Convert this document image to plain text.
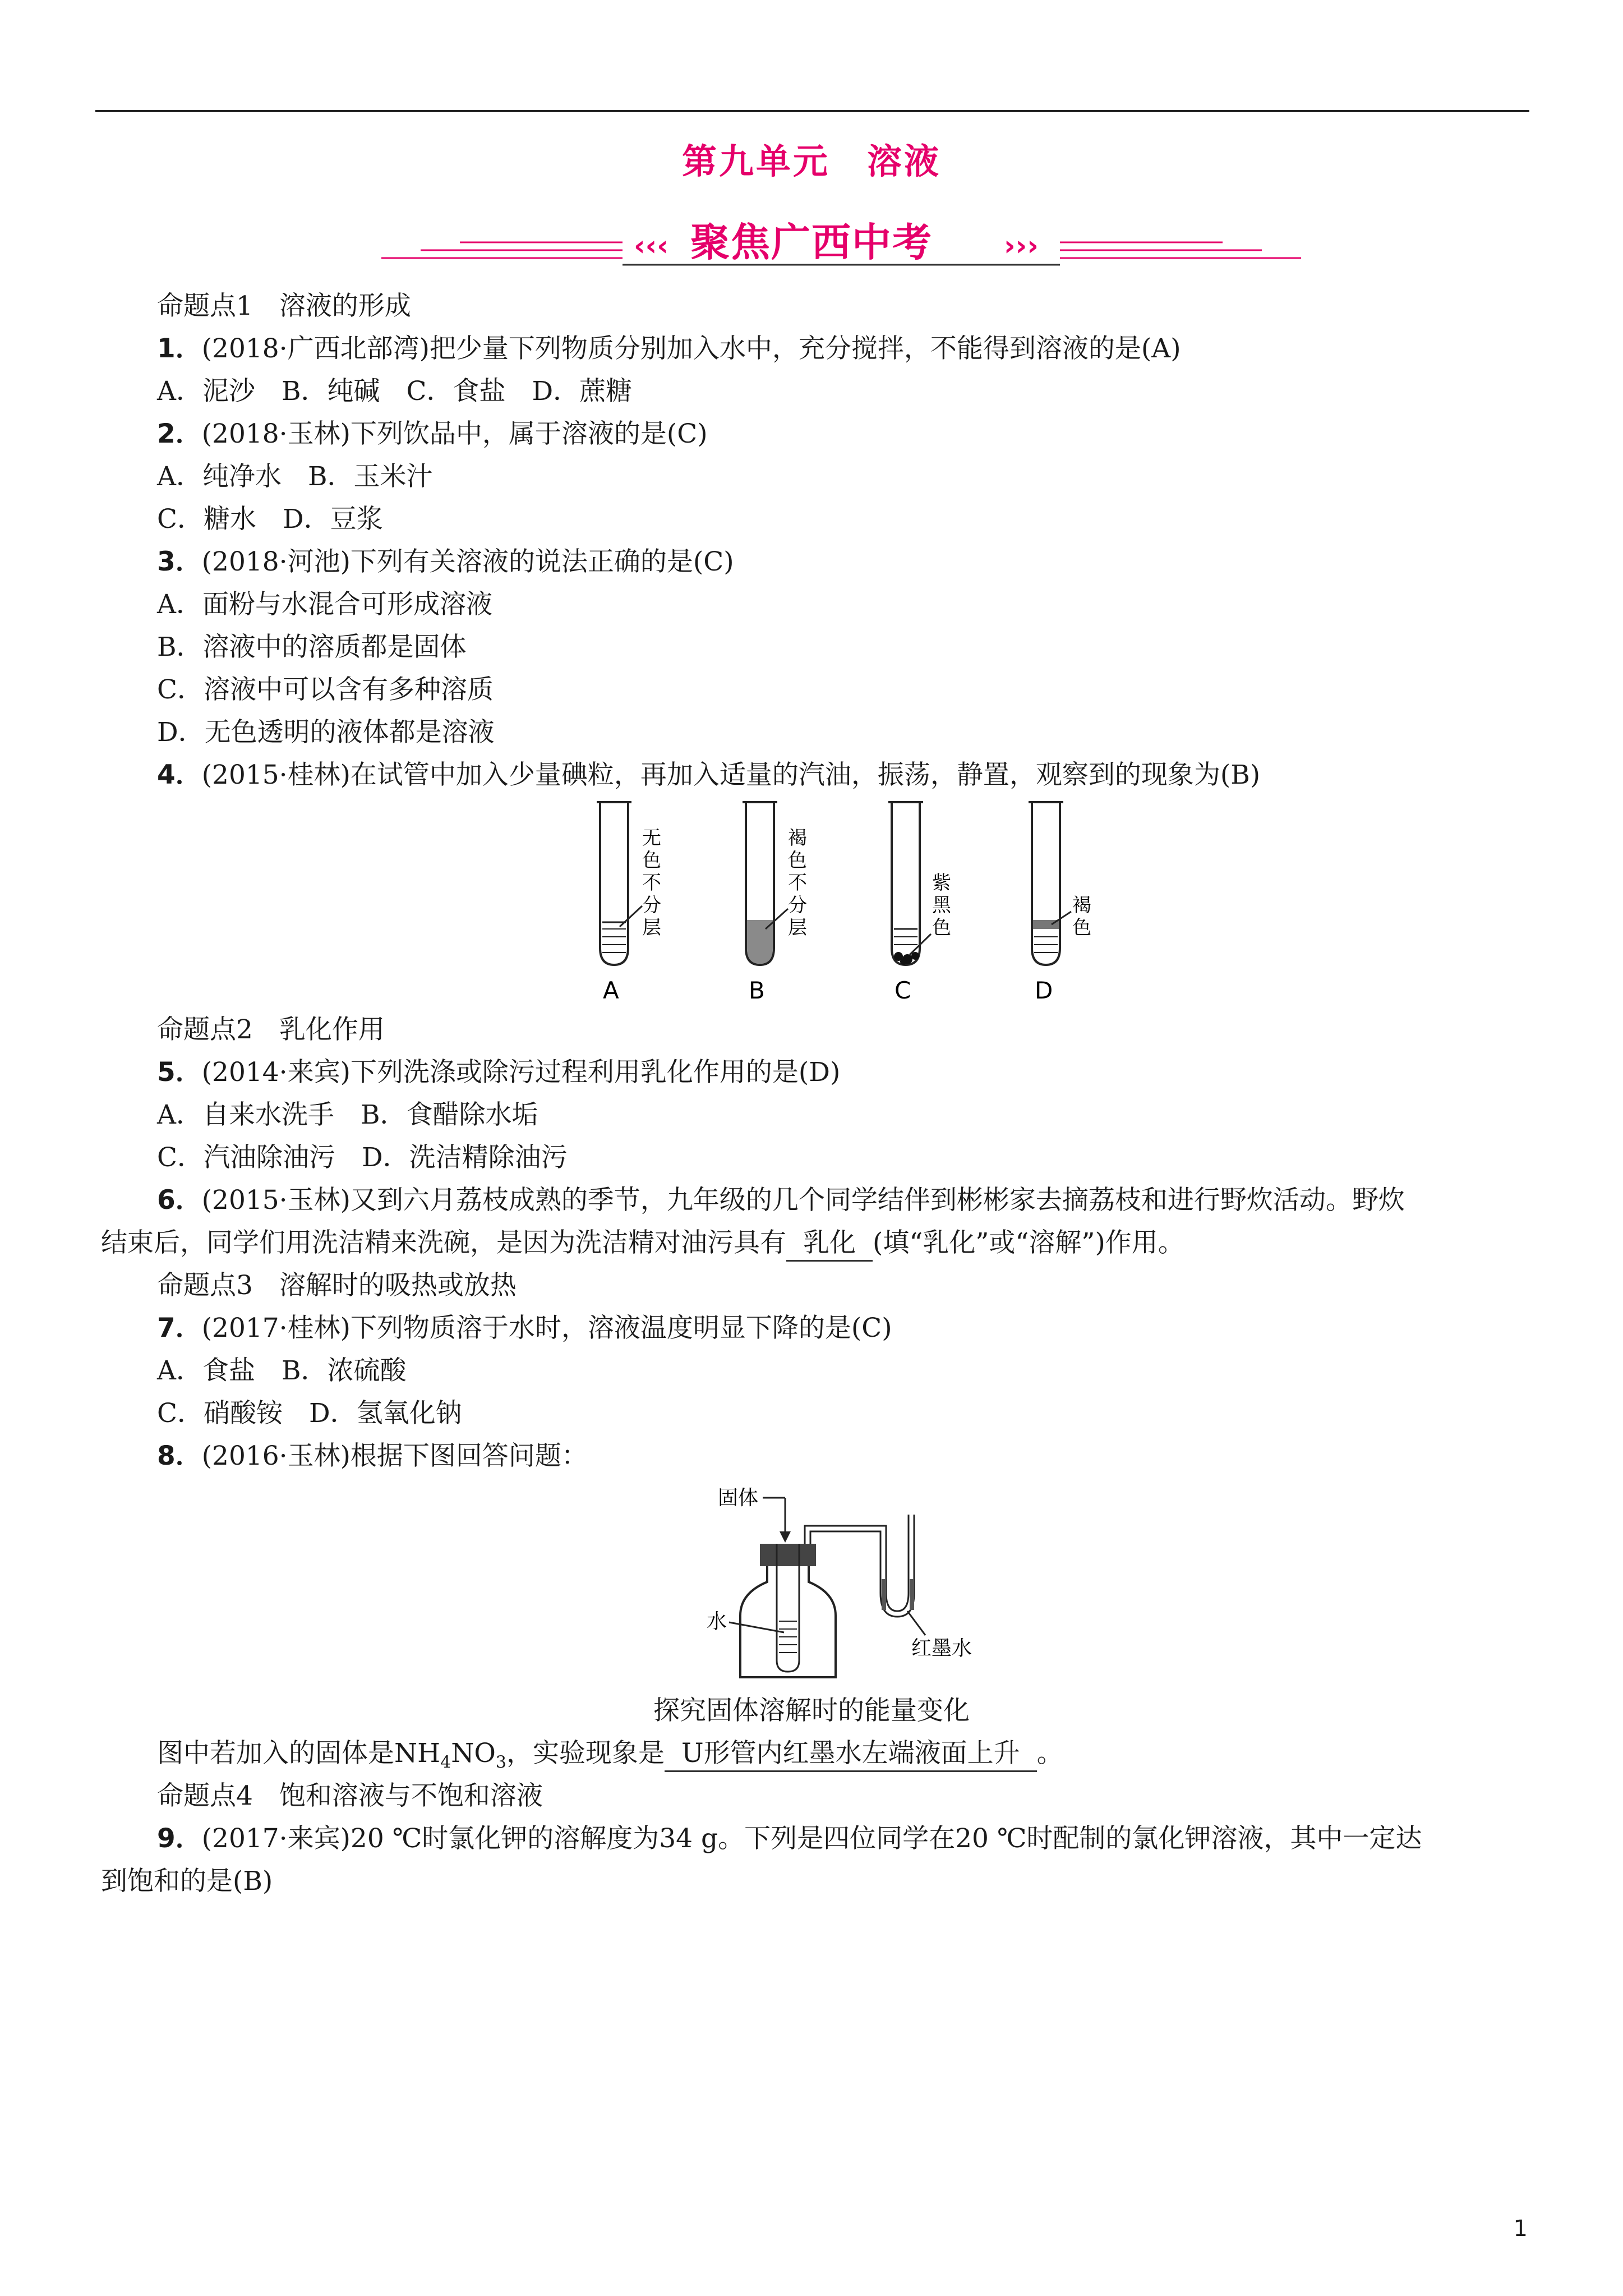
第九单元　溶液
‹‹‹	›››
聚焦广西中考
命题点1　溶液的形成
1．(2018·广西北部湾)把少量下列物质分别加入水中，充分搅拌，不能得到溶液的是(A)
A．泥沙　B．纯碱　C．食盐　D．蔗糖
2．(2018·玉林)下列饮品中，属于溶液的是(C)
A．纯净水　B．玉米汁
C．糖水　D．豆浆
3．(2018·河池)下列有关溶液的说法正确的是(C)
A．面粉与水混合可形成溶液
B．溶液中的溶质都是固体
C．溶液中可以含有多种溶质
D．无色透明的液体都是溶液
4．(2015·桂林)在试管中加入少量碘粒，再加入适量的汽油，振荡，静置，观察到的现象为(B)
无
色
不
分
层
A
褐
色
不
分
层
B
紫
黑
色
C
褐
色
D
命题点2　乳化作用
5．(2014·来宾)下列洗涤或除污过程利用乳化作用的是(D)
A．自来水洗手　B．食醋除水垢
C．汽油除油污　D．洗洁精除油污
6．(2015·玉林)又到六月荔枝成熟的季节，九年级的几个同学结伴到彬彬家去摘荔枝和进行野炊活动。野炊
结束后，同学们用洗洁精来洗碗，是因为洗洁精对油污具有 乳化 (填“乳化”或“溶解”)作用。
命题点3　溶解时的吸热或放热
7．(2017·桂林)下列物质溶于水时，溶液温度明显下降的是(C)
A．食盐　B．浓硫酸
C．硝酸铵　D．氢氧化钠
8．(2016·玉林)根据下图回答问题：
固体
水
红墨水
探究固体溶解时的能量变化
图中若加入的固体是$NH_4NO_3$，实验现象是 U形管内红墨水左端液面上升 。
命题点4　饱和溶液与不饱和溶液
9．(2017·来宾)20 ℃时氯化钾的溶解度为34 g。下列是四位同学在20 ℃时配制的氯化钾溶液，其中一定达
到饱和的是(B)
1
